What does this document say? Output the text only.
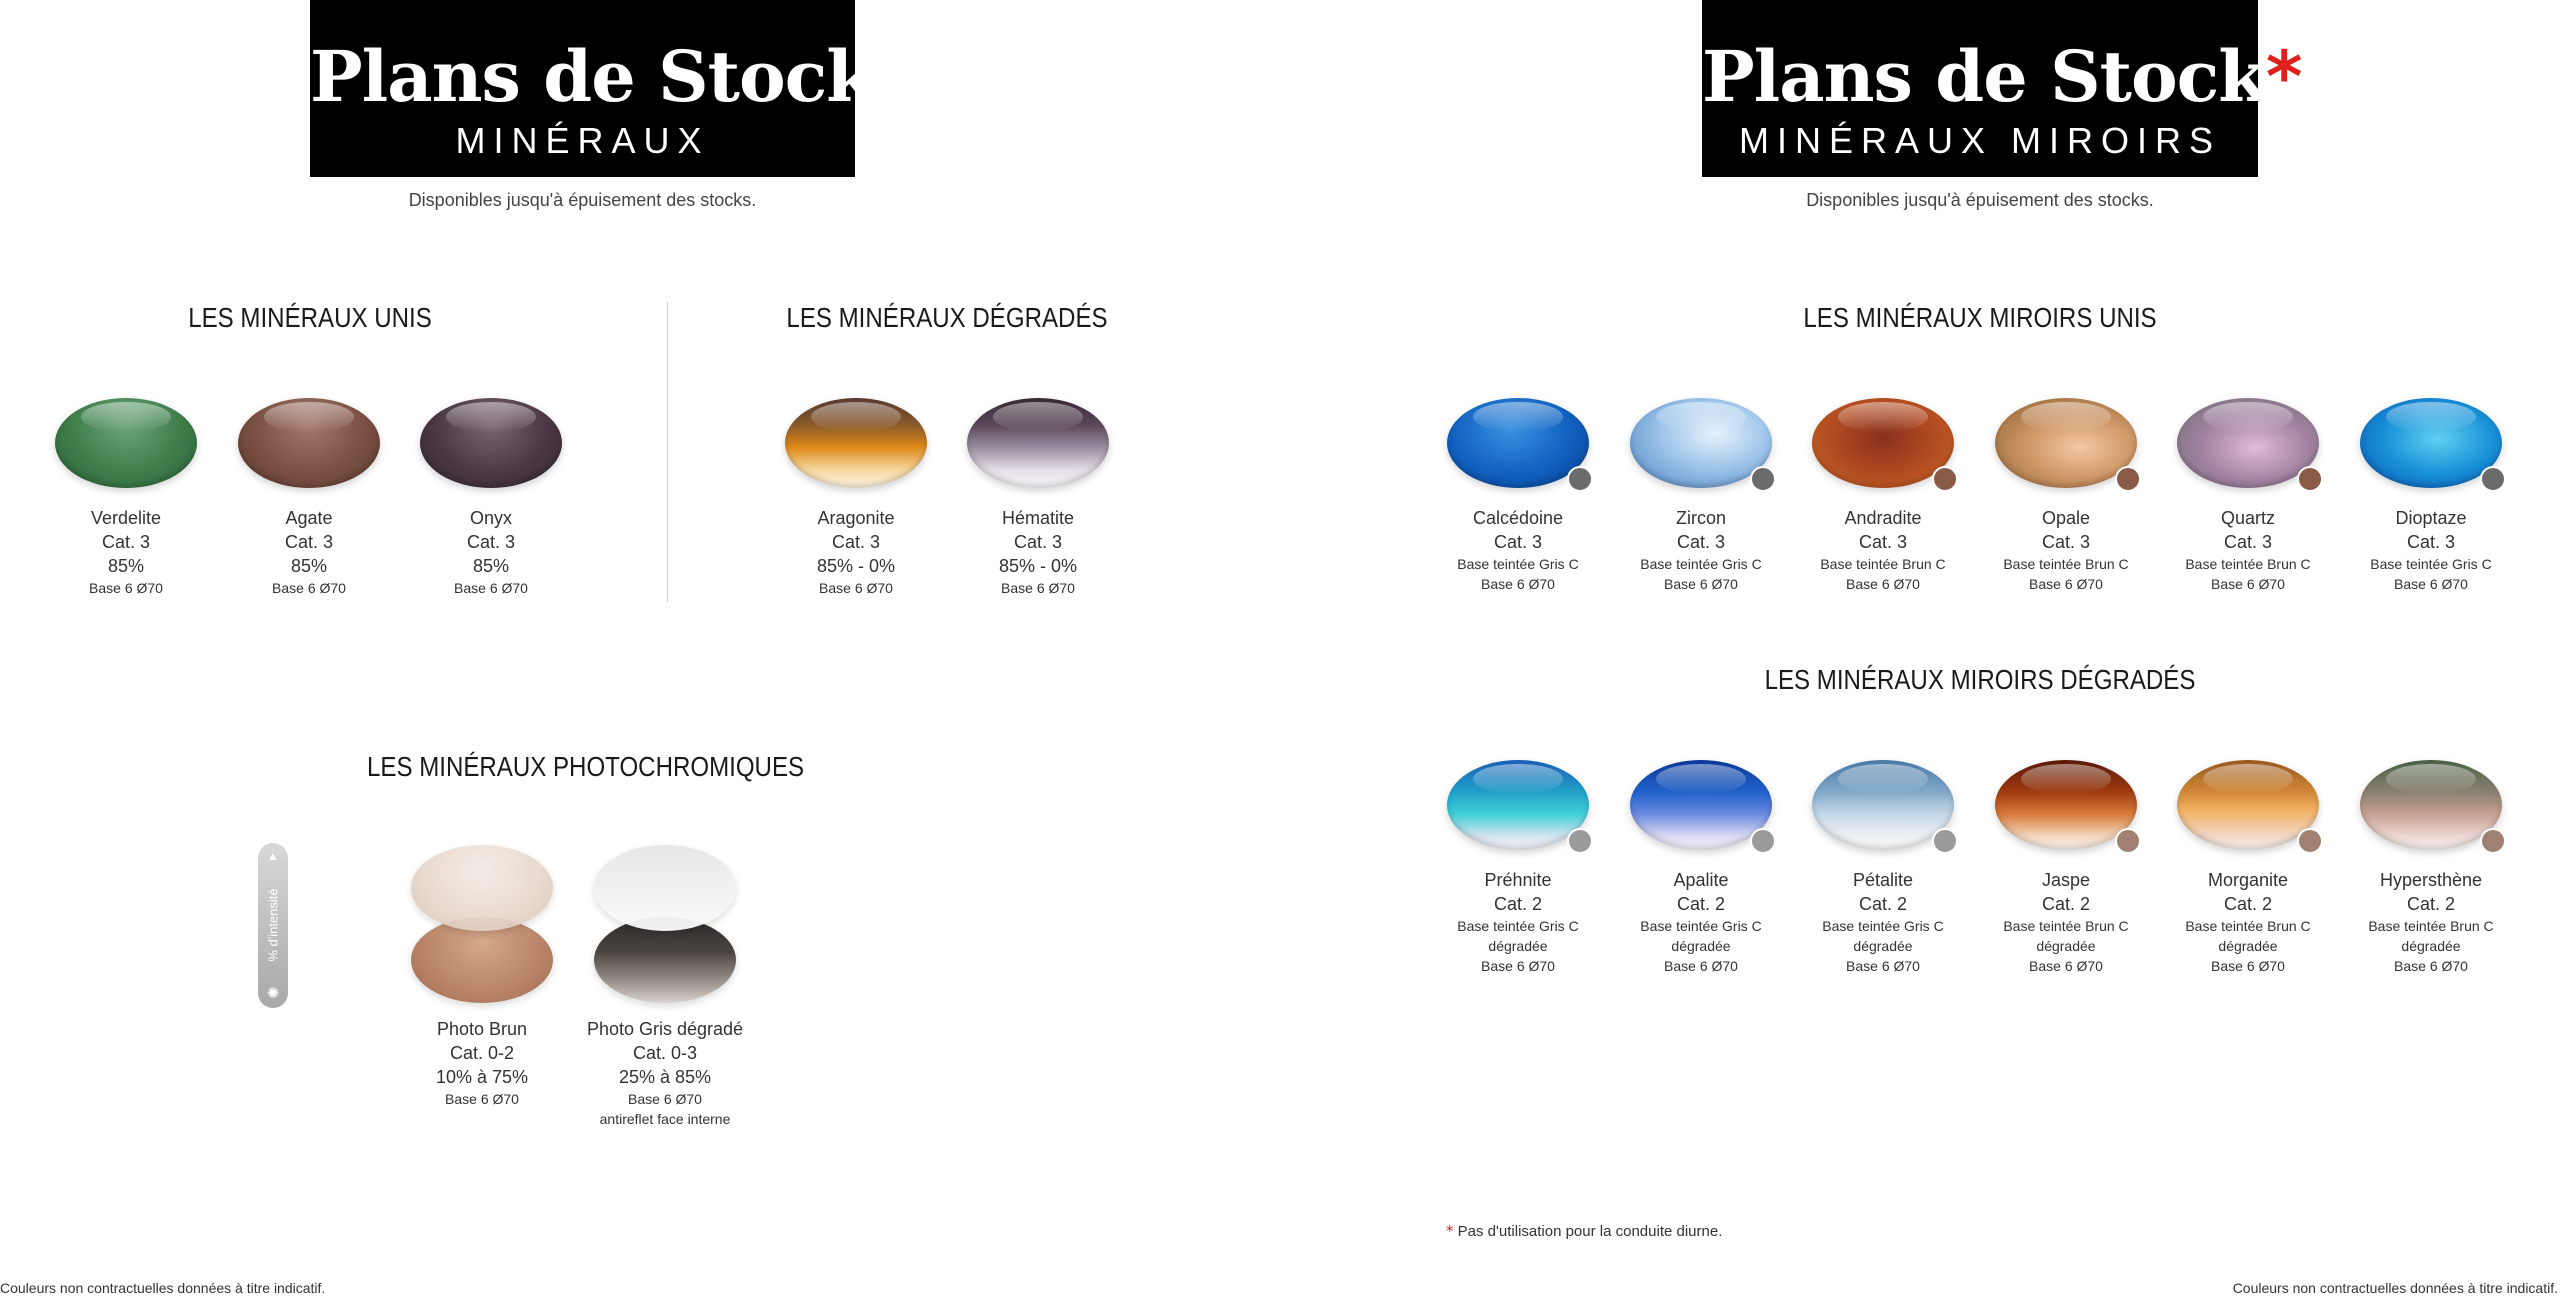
Plans de Stock
MINÉRAUX
Disponibles jusqu'à épuisement des stocks.
LES MINÉRAUX UNIS	LES MINÉRAUX DÉGRADÉS
Verdelite
Cat. 3
85%
Base 6 Ø70
Agate
Cat. 3
85%
Base 6 Ø70
Onyx
Cat. 3
85%
Base 6 Ø70
Aragonite
Cat. 3
85% - 0%
Base 6 Ø70
Hématite
Cat. 3
85% - 0%
Base 6 Ø70
LES MINÉRAUX PHOTOCHROMIQUES
▲
% d'intensité
✺
Photo Brun
Cat. 0-2
10% à 75%
Base 6 Ø70
Photo Gris dégradé
Cat. 0-3
25% à 85%
Base 6 Ø70
antireflet face interne
Couleurs non contractuelles données à titre indicatif.
Plans de Stock*
MINÉRAUX MIROIRS
Disponibles jusqu'à épuisement des stocks.
LES MINÉRAUX MIROIRS UNIS
Calcédoine
Cat. 3
Base teintée Gris C
Base 6 Ø70
Zircon
Cat. 3
Base teintée Gris C
Base 6 Ø70
Andradite
Cat. 3
Base teintée Brun C
Base 6 Ø70
Opale
Cat. 3
Base teintée Brun C
Base 6 Ø70
Quartz
Cat. 3
Base teintée Brun C
Base 6 Ø70
Dioptaze
Cat. 3
Base teintée Gris C
Base 6 Ø70
LES MINÉRAUX MIROIRS DÉGRADÉS
Préhnite
Cat. 2
Base teintée Gris C
dégradée
Base 6 Ø70
Apalite
Cat. 2
Base teintée Gris C
dégradée
Base 6 Ø70
Pétalite
Cat. 2
Base teintée Gris C
dégradée
Base 6 Ø70
Jaspe
Cat. 2
Base teintée Brun C
dégradée
Base 6 Ø70
Morganite
Cat. 2
Base teintée Brun C
dégradée
Base 6 Ø70
Hypersthène
Cat. 2
Base teintée Brun C
dégradée
Base 6 Ø70
* Pas d'utilisation pour la conduite diurne.
Couleurs non contractuelles données à titre indicatif.
